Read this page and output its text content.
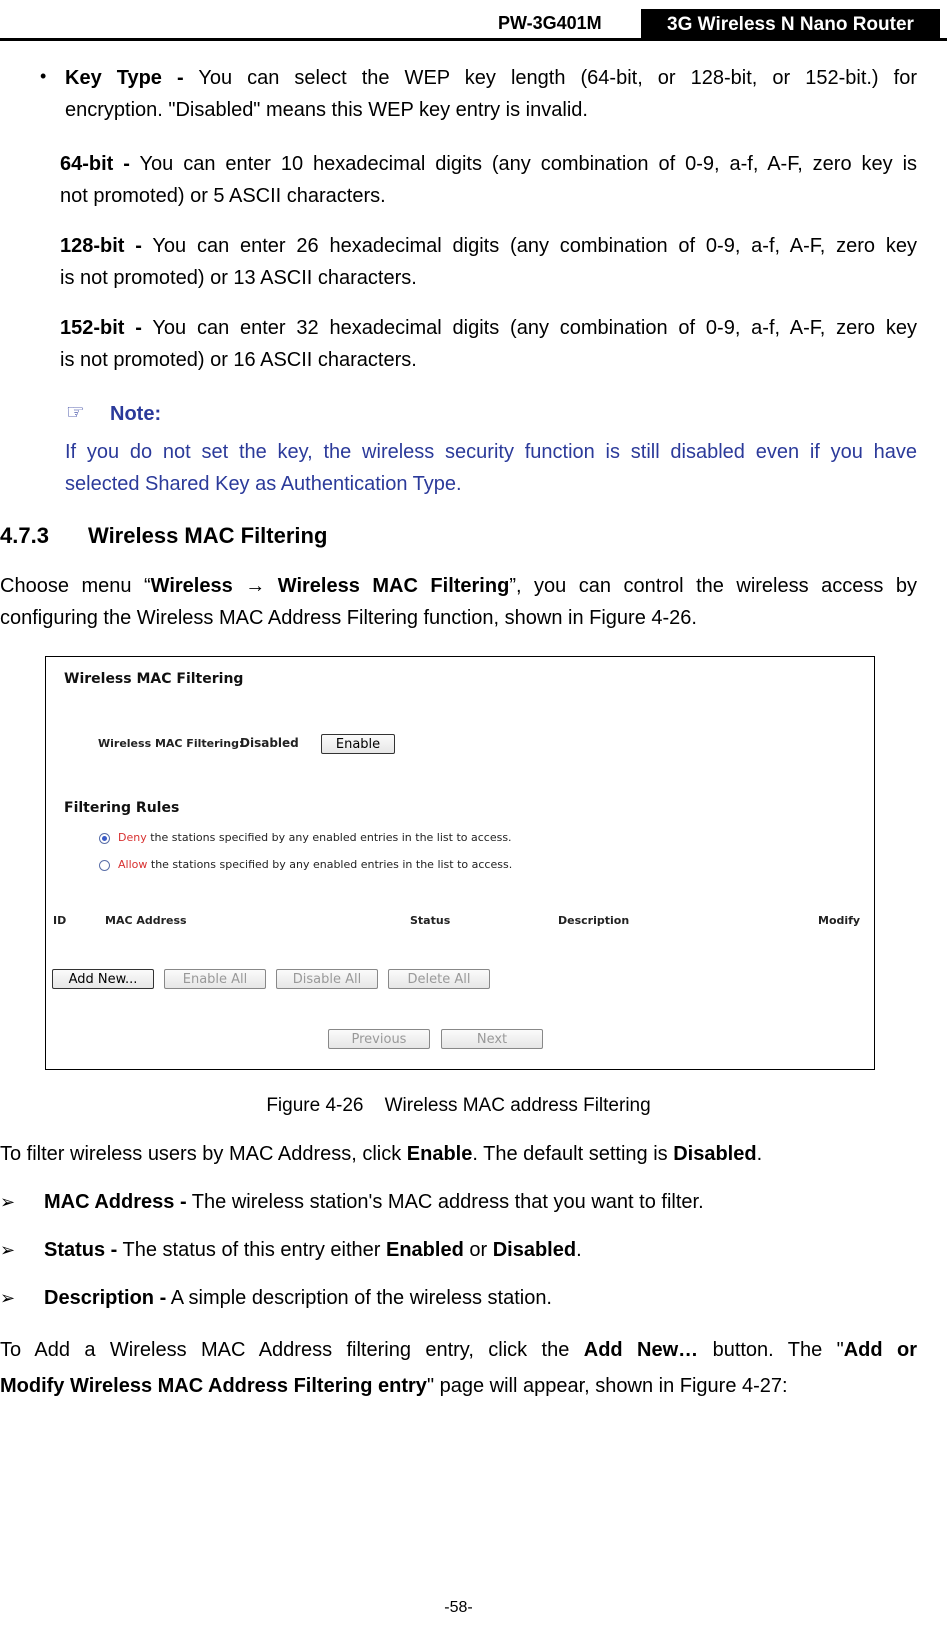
PW-3G401M	3G Wireless N Nano Router
• Key Type - You can select the WEP key length (64-bit, or 128-bit, or 152-bit.) for
encryption. "Disabled" means this WEP key entry is invalid.
64-bit - You can enter 10 hexadecimal digits (any combination of 0-9, a-f, A-F, zero key is
not promoted) or 5 ASCII characters.
128-bit - You can enter 26 hexadecimal digits (any combination of 0-9, a-f, A-F, zero key
is not promoted) or 13 ASCII characters.
152-bit - You can enter 32 hexadecimal digits (any combination of 0-9, a-f, A-F, zero key
is not promoted) or 16 ASCII characters.
☞ Note:
If you do not set the key, the wireless security function is still disabled even if you have
selected Shared Key as Authentication Type.
4.7.3 Wireless MAC Filtering
Choose menu “Wireless → Wireless MAC Filtering”, you can control the wireless access by
configuring the Wireless MAC Address Filtering function, shown in Figure 4-26.
Wireless MAC Filtering
Wireless MAC Filtering:
Disabled	Enable
Filtering Rules
Deny the stations specified by any enabled entries in the list to access.
Allow the stations specified by any enabled entries in the list to access.
ID	MAC Address	Status	Description	Modify
Add New...	Enable All	Disable All	Delete All
Previous	Next
Figure 4-26    Wireless MAC address Filtering
To filter wireless users by MAC Address, click Enable. The default setting is Disabled.
➢ MAC Address - The wireless station's MAC address that you want to filter.
➢ Status - The status of this entry either Enabled or Disabled.
➢ Description - A simple description of the wireless station.
To Add a Wireless MAC Address filtering entry, click the Add New… button. The "Add or
Modify Wireless MAC Address Filtering entry" page will appear, shown in Figure 4-27:
-58-
